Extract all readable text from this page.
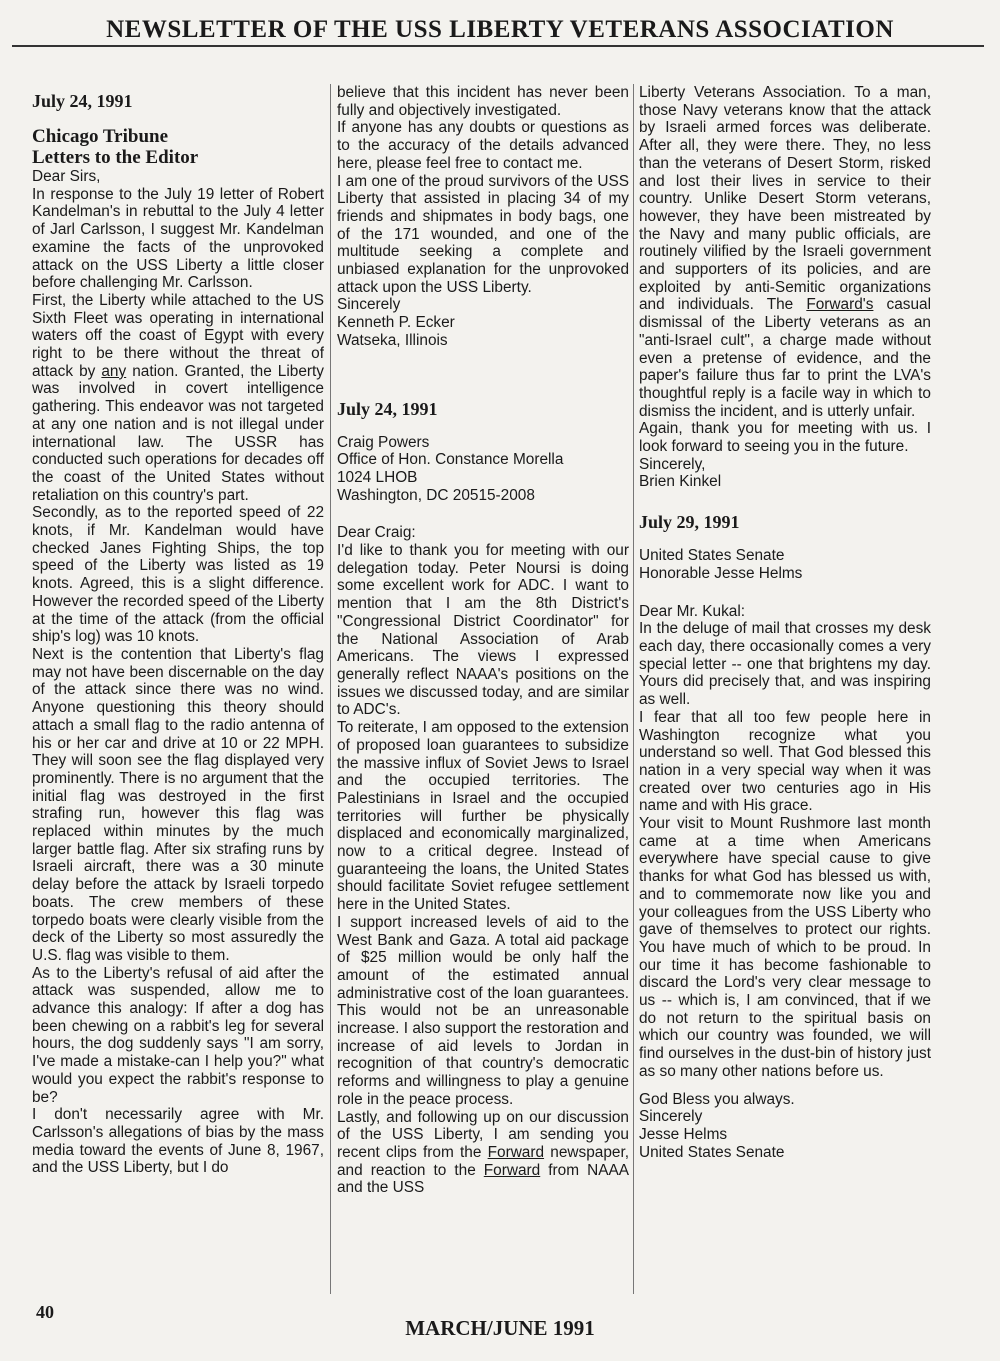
NEWSLETTER OF THE USS LIBERTY VETERANS ASSOCIATION

July 24, 1991

Chicago Tribune

Letters to the Editor

Dear Sirs,

In response to the July 19 letter of Robert Kandelman's in rebuttal to the July 4 letter of Jarl Carlsson, I suggest Mr. Kandelman examine the facts of the unprovoked attack on the USS Liberty a little closer before challenging Mr. Carlsson.

First, the Liberty while attached to the US Sixth Fleet was operating in international waters off the coast of Egypt with every right to be there without the threat of attack by any nation. Granted, the Liberty was involved in covert intelligence gathering. This endeavor was not targeted at any one nation and is not illegal under international law. The USSR has conducted such operations for decades off the coast of the United States without retaliation on this country's part.

Secondly, as to the reported speed of 22 knots, if Mr. Kandelman would have checked Janes Fighting Ships, the top speed of the Liberty was listed as 19 knots. Agreed, this is a slight difference. However the recorded speed of the Liberty at the time of the attack (from the official ship's log) was 10 knots.

Next is the contention that Liberty's flag may not have been discernable on the day of the attack since there was no wind. Anyone questioning this theory should attach a small flag to the radio antenna of his or her car and drive at 10 or 22 MPH. They will soon see the flag displayed very prominently. There is no argument that the initial flag was destroyed in the first strafing run, however this flag was replaced within minutes by the much larger battle flag. After six strafing runs by Israeli aircraft, there was a 30 minute delay before the attack by Israeli torpedo boats. The crew members of these torpedo boats were clearly visible from the deck of the Liberty so most assuredly the U.S. flag was visible to them.

As to the Liberty's refusal of aid after the attack was suspended, allow me to advance this analogy: If after a dog has been chewing on a rabbit's leg for several hours, the dog suddenly says "I am sorry, I've made a mistake-can I help you?" what would you expect the rabbit's response to be?

I don't necessarily agree with Mr. Carlsson's allegations of bias by the mass media toward the events of June 8, 1967, and the USS Liberty, but I do

believe that this incident has never been fully and objectively investigated.

If anyone has any doubts or questions as to the accuracy of the details advanced here, please feel free to contact me.

I am one of the proud survivors of the USS Liberty that assisted in placing 34 of my friends and shipmates in body bags, one of the 171 wounded, and one of the multitude seeking a complete and unbiased explanation for the unprovoked attack upon the USS Liberty.

Sincerely

Kenneth P. Ecker

Watseka, Illinois

July 24, 1991

Craig Powers

Office of Hon. Constance Morella

1024 LHOB

Washington, DC 20515-2008

Dear Craig:

I'd like to thank you for meeting with our delegation today. Peter Noursi is doing some excellent work for ADC. I want to mention that I am the 8th District's "Congressional District Coordinator" for the National Association of Arab Americans. The views I expressed generally reflect NAAA's positions on the issues we discussed today, and are similar to ADC's.

To reiterate, I am opposed to the extension of proposed loan guarantees to subsidize the massive influx of Soviet Jews to Israel and the occupied territories. The Palestinians in Israel and the occupied territories will further be physically displaced and economically marginalized, now to a critical degree. Instead of guaranteeing the loans, the United States should facilitate Soviet refugee settlement here in the United States.

I support increased levels of aid to the West Bank and Gaza. A total aid package of $25 million would be only half the amount of the estimated annual administrative cost of the loan guarantees. This would not be an unreasonable increase. I also support the restoration and increase of aid levels to Jordan in recognition of that country's democratic reforms and willingness to play a genuine role in the peace process.

Lastly, and following up on our discussion of the USS Liberty, I am sending you recent clips from the Forward newspaper, and reaction to the Forward from NAAA and the USS

Liberty Veterans Association. To a man, those Navy veterans know that the attack by Israeli armed forces was deliberate. After all, they were there. They, no less than the veterans of Desert Storm, risked and lost their lives in service to their country. Unlike Desert Storm veterans, however, they have been mistreated by the Navy and many public officials, are routinely vilified by the Israeli government and supporters of its policies, and are exploited by anti-Semitic organizations and individuals. The Forward's casual dismissal of the Liberty veterans as an "anti-Israel cult", a charge made without even a pretense of evidence, and the paper's failure thus far to print the LVA's thoughtful reply is a facile way in which to dismiss the incident, and is utterly unfair.

Again, thank you for meeting with us. I look forward to seeing you in the future.

Sincerely,

Brien Kinkel

July 29, 1991

United States Senate

Honorable Jesse Helms

Dear Mr. Kukal:

In the deluge of mail that crosses my desk each day, there occasionally comes a very special letter -- one that brightens my day. Yours did precisely that, and was inspiring as well.

I fear that all too few people here in Washington recognize what you understand so well. That God blessed this nation in a very special way when it was created over two centuries ago in His name and with His grace.

Your visit to Mount Rushmore last month came at a time when Americans everywhere have special cause to give thanks for what God has blessed us with, and to commemorate now like you and your colleagues from the USS Liberty who gave of themselves to protect our rights. You have much of which to be proud. In our time it has become fashionable to discard the Lord's very clear message to us -- which is, I am convinced, that if we do not return to the spiritual basis on which our country was founded, we will find ourselves in the dust-bin of history just as so many other nations before us.

God Bless you always.

Sincerely

Jesse Helms

United States Senate

40
MARCH/JUNE 1991
